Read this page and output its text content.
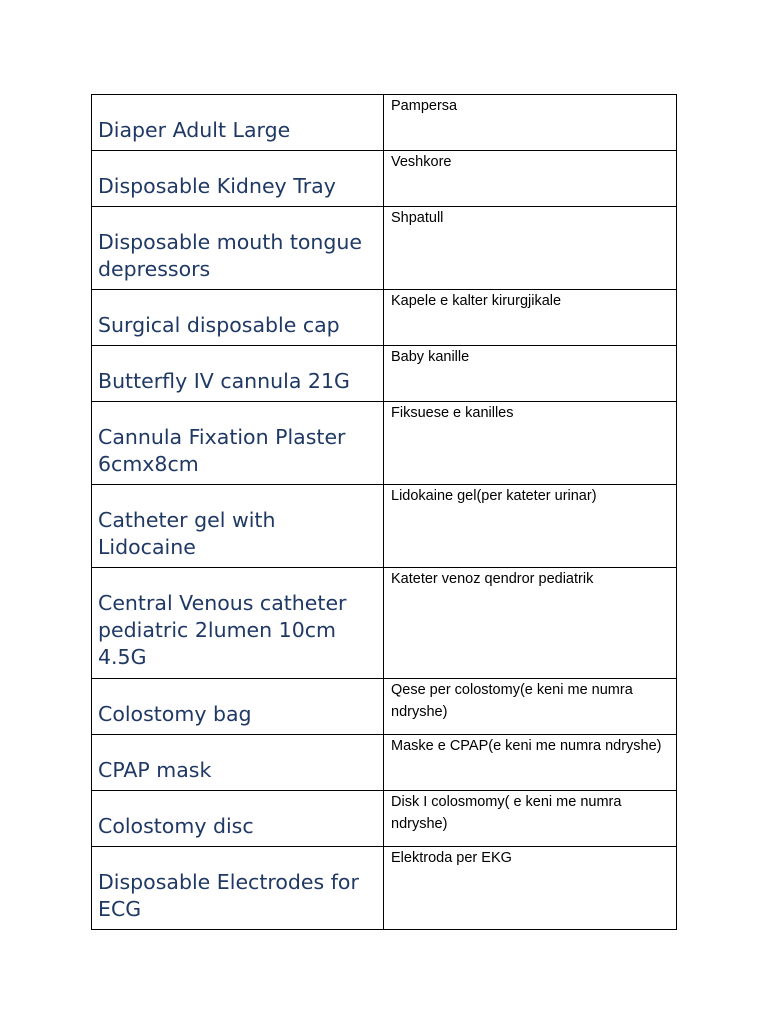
Diaper Adult Large	Pampersa

Disposable Kidney Tray	Veshkore

Disposable mouth tongue depressors	Shpatull

Surgical disposable cap	Kapele e kalter kirurgjikale

Butterfly IV cannula 21G	Baby kanille

Cannula Fixation Plaster 6cmx8cm	Fiksuese e kanilles

Catheter gel with Lidocaine	Lidokaine gel(per kateter urinar)

Central Venous catheter pediatric 2lumen 10cm 4.5G	Kateter venoz qendror pediatrik

Colostomy bag	Qese per colostomy(e keni me numra ndryshe)

CPAP mask	Maske e CPAP(e keni me numra ndryshe)

Colostomy disc	Disk I colosmomy( e keni me numra ndryshe)

Disposable Electrodes for ECG	Elektroda per EKG
